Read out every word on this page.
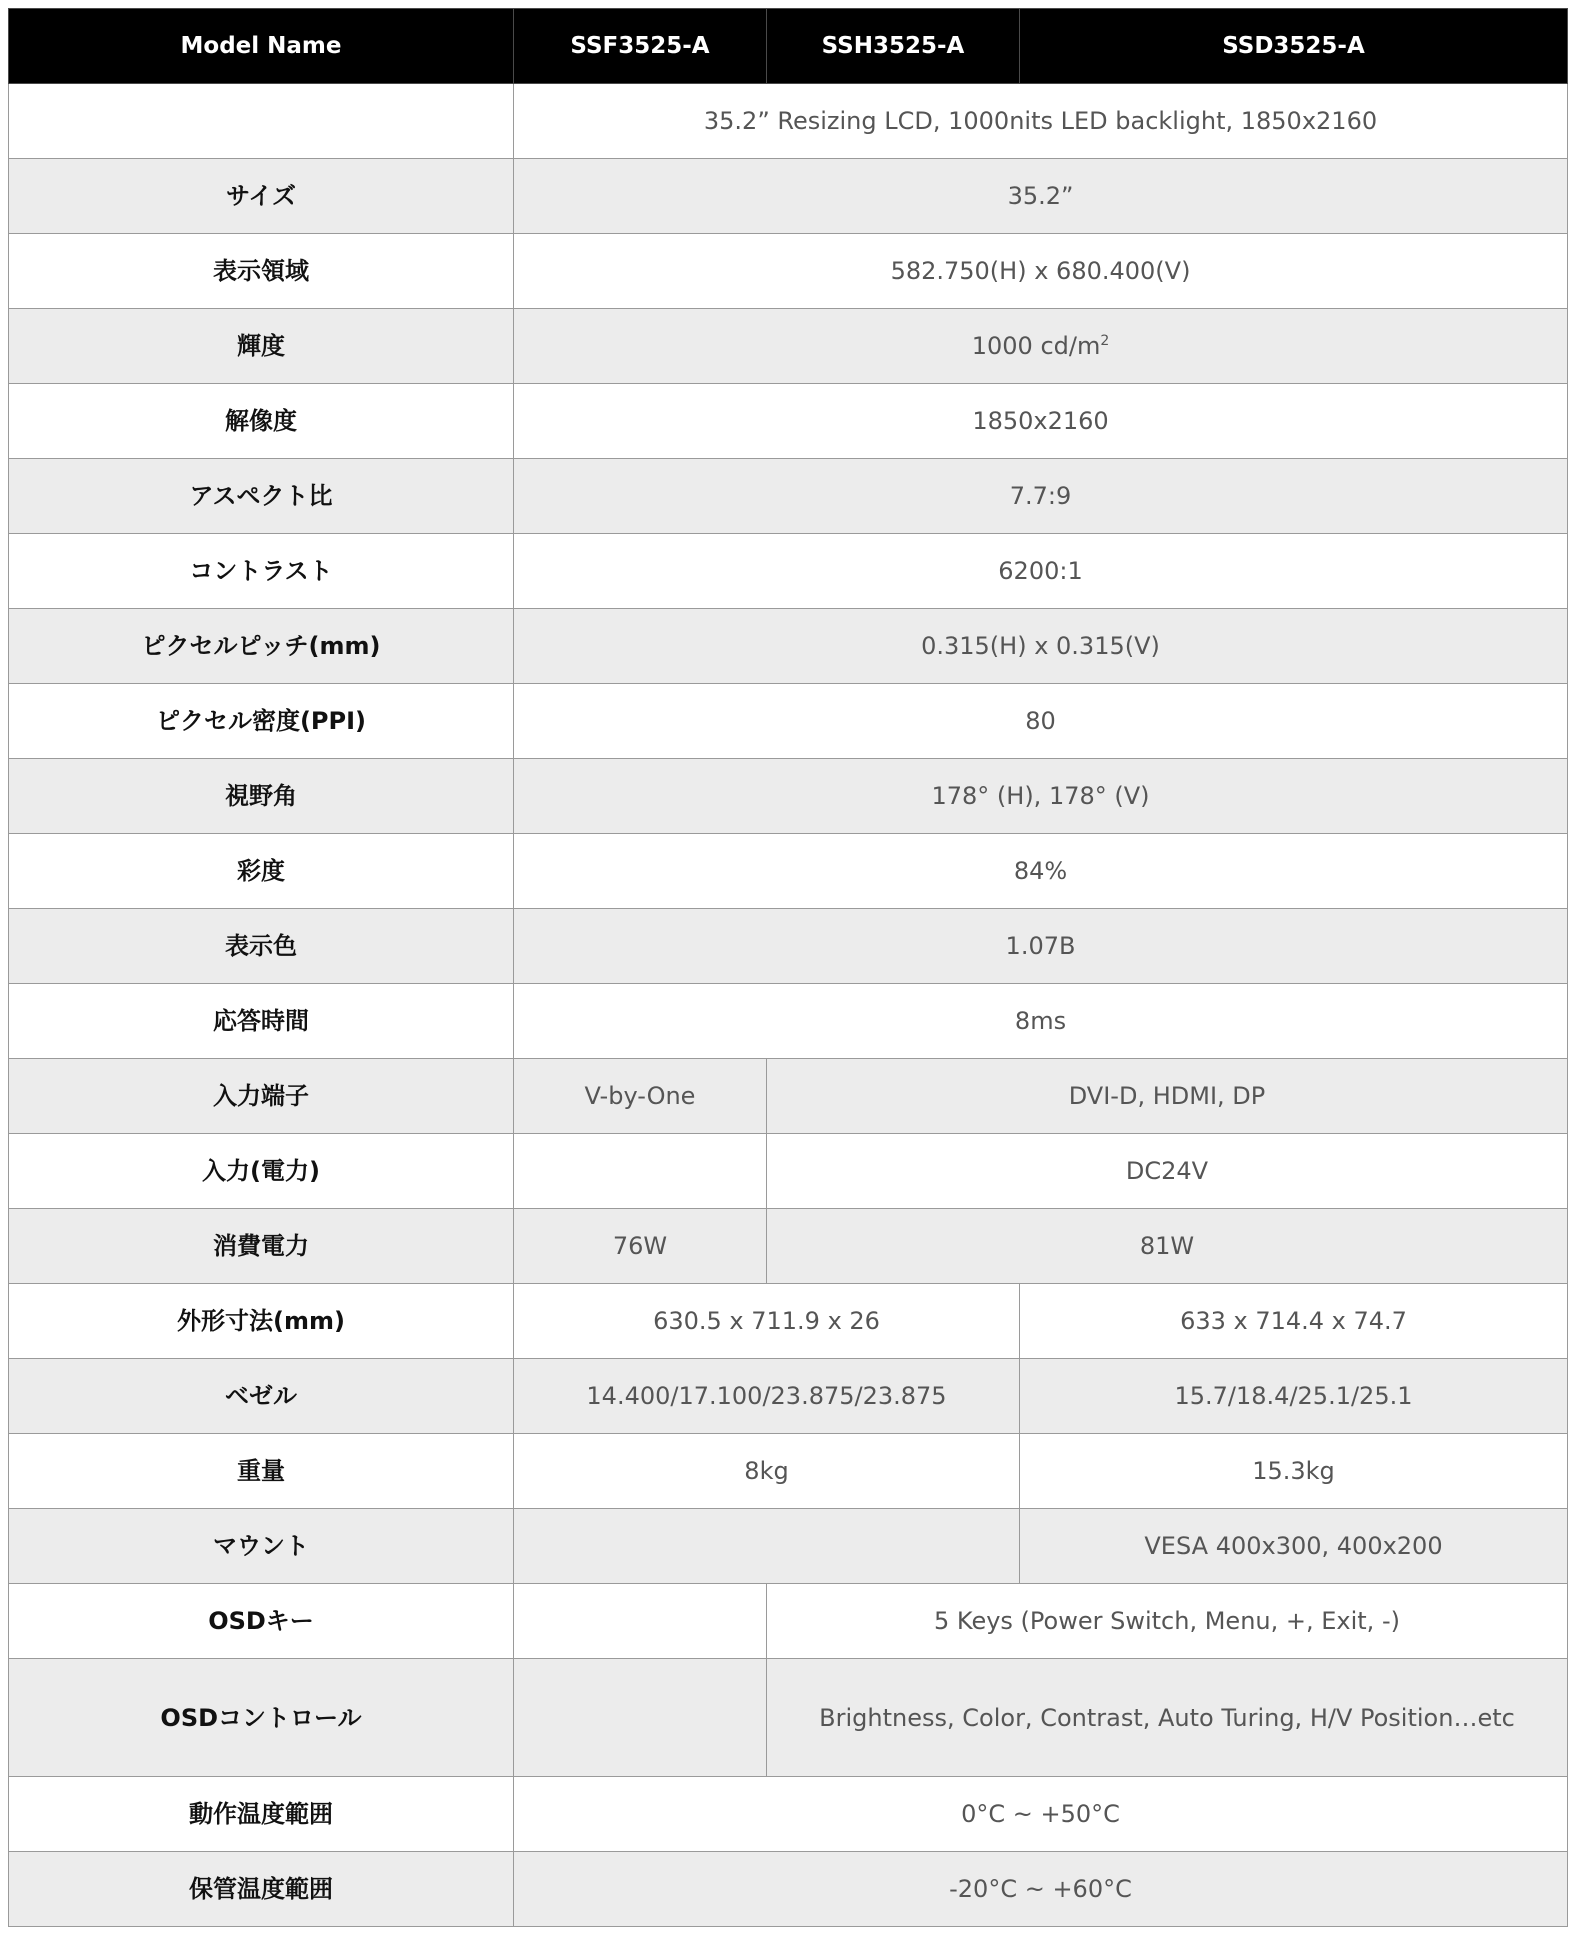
Model Name	SSF3525-A	SSH3525-A	SSD3525-A
	35.2” Resizing LCD, 1000nits LED backlight, 1850x2160		
サイズ	35.2”		
表示領域	582.750(H) x 680.400(V)		
輝度	1000 $cd/m^2$
解像度	1850x2160		
アスペクト比	7.7:9		
コントラスト	6200:1		
ピクセルピッチ(mm)	0.315(H) x 0.315(V)		
ピクセル密度(PPI)	80		
視野角	178° (H), 178° (V)		
彩度	84%		
表示色	1.07B		
応答時間	8ms		
入力端子	V-by-One	DVI-D, HDMI, DP	
入力(電力)		DC24V	
消費電力	76W	81W	
外形寸法(mm)	630.5 x 711.9 x 26		633 x 714.4 x 74.7
ベゼル	14.400/17.100/23.875/23.875		15.7/18.4/25.1/25.1
重量	8kg		15.3kg
マウント			VESA 400x300, 400x200
OSDキー		5 Keys (Power Switch, Menu, +, Exit, -)	
OSDコントロール		Brightness, Color, Contrast, Auto Turing, H/V Position…etc	
動作温度範囲	0°C ~ +50°C		
保管温度範囲	-20°C ~ +60°C		
